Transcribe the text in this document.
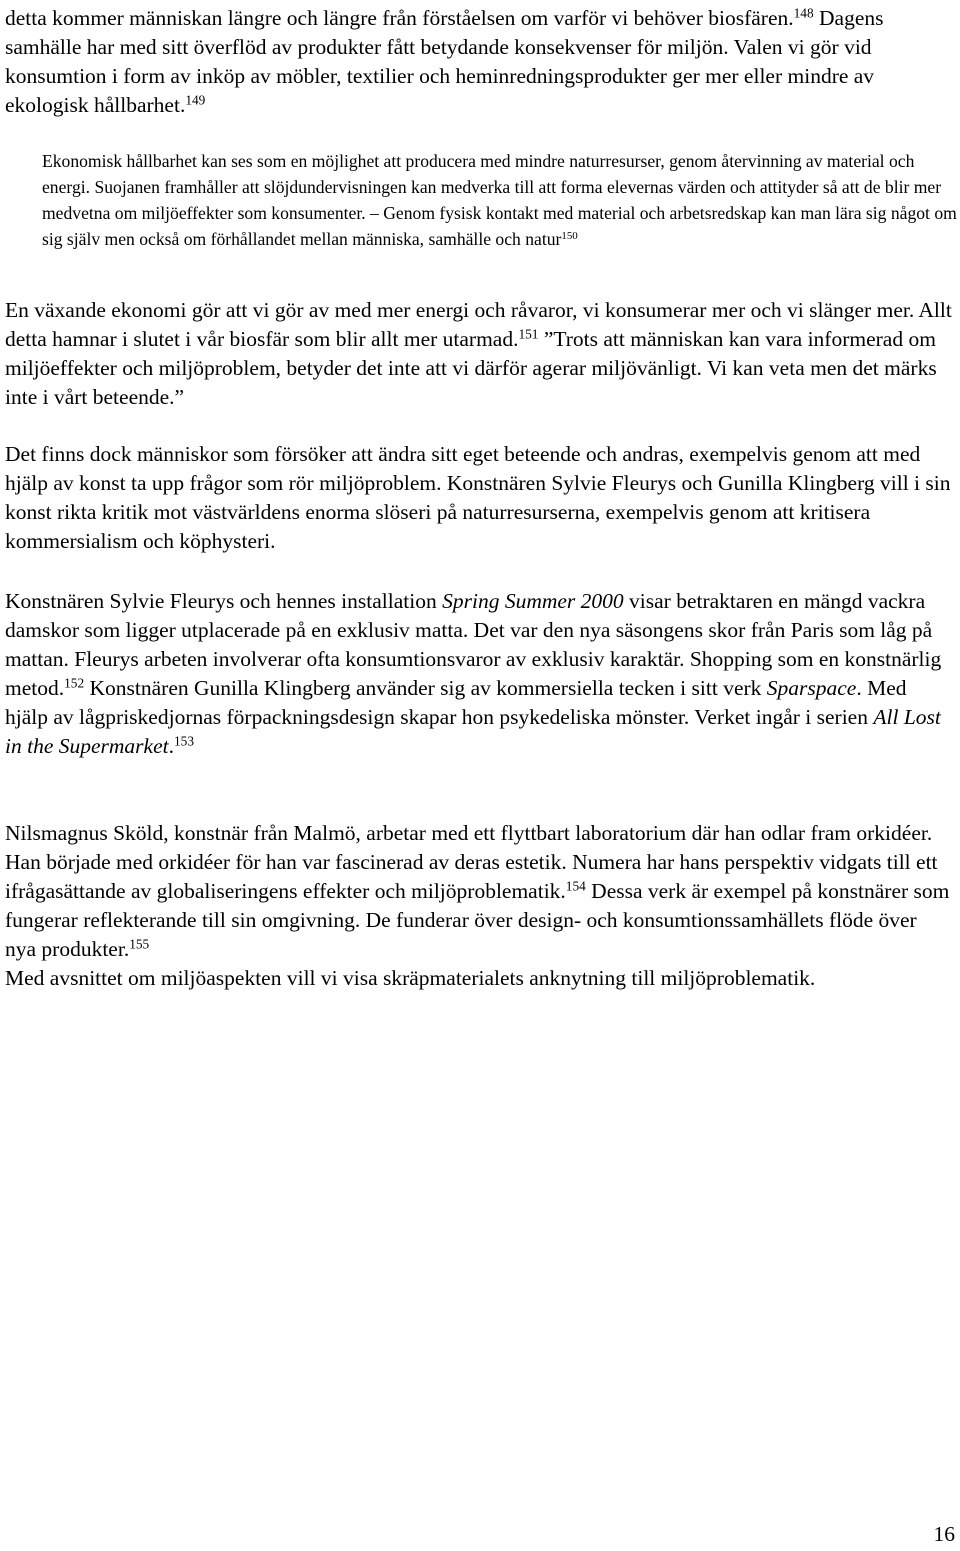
detta kommer människan längre och längre från förståelsen om varför vi behöver biosfären.$^{148}$ Dagens samhälle har med sitt överflöd av produkter fått betydande konsekvenser för miljön. Valen vi gör vid konsumtion i form av inköp av möbler, textilier och heminredningsprodukter ger mer eller mindre av ekologisk hållbarhet.$^{149}$

Ekonomisk hållbarhet kan ses som en möjlighet att producera med mindre naturresurser, genom återvinning av material och energi. Suojanen framhåller att slöjdundervisningen kan medverka till att forma elevernas värden och attityder så att de blir mer medvetna om miljöeffekter som konsumenter. – Genom fysisk kontakt med material och arbetsredskap kan man lära sig något om sig själv men också om förhållandet mellan människa, samhälle och natur$^{150}$

En växande ekonomi gör att vi gör av med mer energi och råvaror, vi konsumerar mer och vi slänger mer. Allt detta hamnar i slutet i vår biosfär som blir allt mer utarmad.$^{151}$ ”Trots att människan kan vara informerad om miljöeffekter och miljöproblem, betyder det inte att vi därför agerar miljövänligt. Vi kan veta men det märks inte i vårt beteende.”

Det finns dock människor som försöker att ändra sitt eget beteende och andras, exempelvis genom att med hjälp av konst ta upp frågor som rör miljöproblem. Konstnären Sylvie Fleurys och Gunilla Klingberg vill i sin konst rikta kritik mot västvärldens enorma slöseri på naturresurserna, exempelvis genom att kritisera kommersialism och köphysteri.

Konstnären Sylvie Fleurys och hennes installation Spring Summer 2000 visar betraktaren en mängd vackra damskor som ligger utplacerade på en exklusiv matta. Det var den nya säsongens skor från Paris som låg på mattan. Fleurys arbeten involverar ofta konsumtionsvaror av exklusiv karaktär. Shopping som en konstnärlig metod.$^{152}$ Konstnären Gunilla Klingberg använder sig av kommersiella tecken i sitt verk Sparspace. Med hjälp av lågpriskedjornas förpackningsdesign skapar hon psykedeliska mönster. Verket ingår i serien All Lost in the Supermarket.$^{153}$

Nilsmagnus Sköld, konstnär från Malmö, arbetar med ett flyttbart laboratorium där han odlar fram orkidéer. Han började med orkidéer för han var fascinerad av deras estetik. Numera har hans perspektiv vidgats till ett ifrågasättande av globaliseringens effekter och miljöproblematik.$^{154}$ Dessa verk är exempel på konstnärer som fungerar reflekterande till sin omgivning. De funderar över design- och konsumtionssamhällets flöde över nya produkter.$^{155}$

Med avsnittet om miljöaspekten vill vi visa skräpmaterialets anknytning till miljöproblematik.

16
